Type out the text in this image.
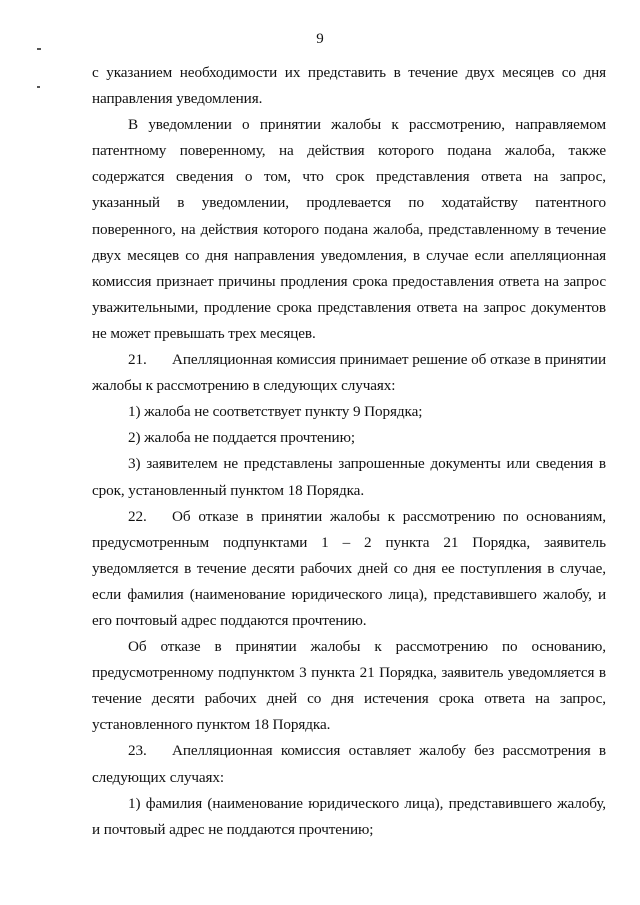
9

с указанием необходимости их представить в течение двух месяцев со дня направления уведомления.

В уведомлении о принятии жалобы к рассмотрению, направляемом патентному поверенному, на действия которого подана жалоба, также содержатся сведения о том, что срок представления ответа на запрос, указанный в уведомлении, продлевается по ходатайству патентного поверенного, на действия которого подана жалоба, представленному в течение двух месяцев со дня направления уведомления, в случае если апелляционная комиссия признает причины продления срока предоставления ответа на запрос уважительными, продление срока представления ответа на запрос документов не может превышать трех месяцев.

21. Апелляционная комиссия принимает решение об отказе в принятии жалобы к рассмотрению в следующих случаях:

1) жалоба не соответствует пункту 9 Порядка;

2) жалоба не поддается прочтению;

3) заявителем не представлены запрошенные документы или сведения в срок, установленный пунктом 18 Порядка.

22. Об отказе в принятии жалобы к рассмотрению по основаниям, предусмотренным подпунктами 1 – 2 пункта 21 Порядка, заявитель уведомляется в течение десяти рабочих дней со дня ее поступления в случае, если фамилия (наименование юридического лица), представившего жалобу, и его почтовый адрес поддаются прочтению.

Об отказе в принятии жалобы к рассмотрению по основанию, предусмотренному подпунктом 3 пункта 21 Порядка, заявитель уведомляется в течение десяти рабочих дней со дня истечения срока ответа на запрос, установленного пунктом 18 Порядка.

23. Апелляционная комиссия оставляет жалобу без рассмотрения в следующих случаях:

1) фамилия (наименование юридического лица), представившего жалобу, и почтовый адрес не поддаются прочтению;
